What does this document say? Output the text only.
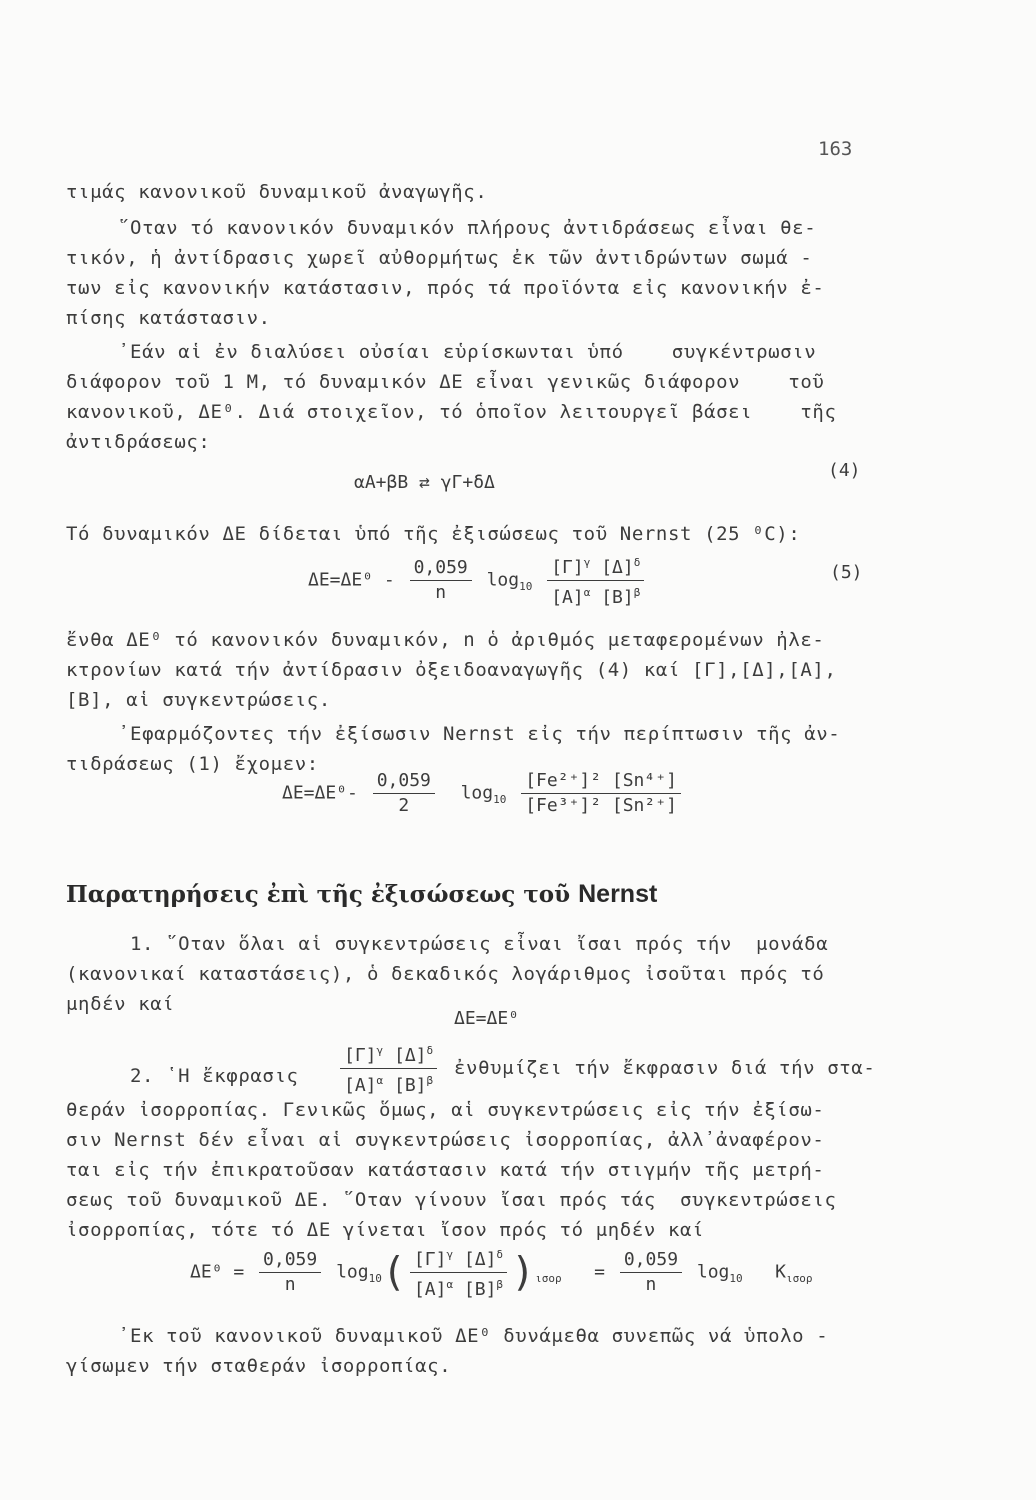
163
τιμάς κανονικοῦ δυναμικοῦ ἀναγωγῆς.
῞Οταν τό κανονικόν δυναμικόν πλήρους ἀντιδράσεως εἶναι θε-
τικόν, ἡ ἀντίδρασις χωρεῖ αὐθορμήτως ἐκ τῶν ἀντιδρώντων σωμά -
των εἰς κανονικήν κατάστασιν, πρός τά προϊόντα εἰς κανονικήν ἐ-
πίσης κατάστασιν.
᾽Εάν αἱ ἐν διαλύσει οὐσίαι εὑρίσκωνται ὑπό    συγκέντρωσιν
διάφορον τοῦ 1 Μ, τό δυναμικόν ΔΕ εἶναι γενικῶς διάφορον    τοῦ
κανονικοῦ, ΔΕ⁰. Διά στοιχεῖον, τό ὁποῖον λειτουργεῖ βάσει    τῆς
ἀντιδράσεως:
αΑ+βΒ ⇄ γΓ+δΔ
(4)
Τό δυναμικόν ΔΕ δίδεται ὑπό τῆς ἐξισώσεως τοῦ Nernst (25 ⁰C):
$\Delta E=\Delta E^0 - \frac{0,059}{n} \log_{10} \frac{[\Gamma]^\gamma [\Delta]^\delta}{[A]^\alpha [B]^\beta}$	(5)
ἔνθα ΔΕ⁰ τό κανονικόν δυναμικόν, n ὁ ἀριθμός μεταφερομένων ἠλε-
κτρονίων κατά τήν ἀντίδρασιν ὀξειδοαναγωγῆς (4) καί [Γ],[Δ],[Α],
[Β], αἱ συγκεντρώσεις.
᾽Εφαρμόζοντες τήν ἐξίσωσιν Nernst εἰς τήν περίπτωσιν τῆς ἀν-
τιδράσεως (1) ἔχομεν:
$\Delta E=\Delta E^0- \frac{0,059}{2} \log_{10} \frac{\text{[Fe²⁺]² [Sn⁴⁺]}}{\text{[Fe³⁺]² [Sn²⁺]}}$
Παρατηρήσεις ἐπὶ τῆς ἐξισώσεως τοῦ Nernst
1. ῞Οταν ὅλαι αἱ συγκεντρώσεις εἶναι ἴσαι πρός τήν  μονάδα
(κανονικαί καταστάσεις), ὁ δεκαδικός λογάριθμος ἰσοῦται πρός τό
μηδέν καί
ΔΕ=ΔΕ⁰
2. ῾Η ἔκφρασις $\frac{[\Gamma]^\gamma [\Delta]^\delta}{[A]^\alpha [B]^\beta}$ ἐνθυμίζει τήν ἔκφρασιν διά τήν στα-
θεράν ἰσορροπίας. Γενικῶς ὅμως, αἱ συγκεντρώσεις εἰς τήν ἐξίσω-
σιν Nernst δέν εἶναι αἱ συγκεντρώσεις ἰσορροπίας, ἀλλ᾽ἀναφέρον-
ται εἰς τήν ἐπικρατοῦσαν κατάστασιν κατά τήν στιγμήν τῆς μετρή-
σεως τοῦ δυναμικοῦ ΔΕ. ῞Οταν γίνουν ἴσαι πρός τάς  συγκεντρώσεις
ἰσορροπίας, τότε τό ΔΕ γίνεται ἴσον πρός τό μηδέν καί
$\Delta E^0 = \frac{0,059}{n} \log_{10}( \frac{[\Gamma]^\gamma [\Delta]^\delta}{[A]^\alpha [B]^\beta} )_{\iota\sigma o\rho} = \frac{0,059}{n} \log_{10} K_{\iota\sigma o\rho}$
᾽Εκ τοῦ κανονικοῦ δυναμικοῦ ΔΕ⁰ δυνάμεθα συνεπῶς νά ὑπολο -
γίσωμεν τήν σταθεράν ἰσορροπίας.
